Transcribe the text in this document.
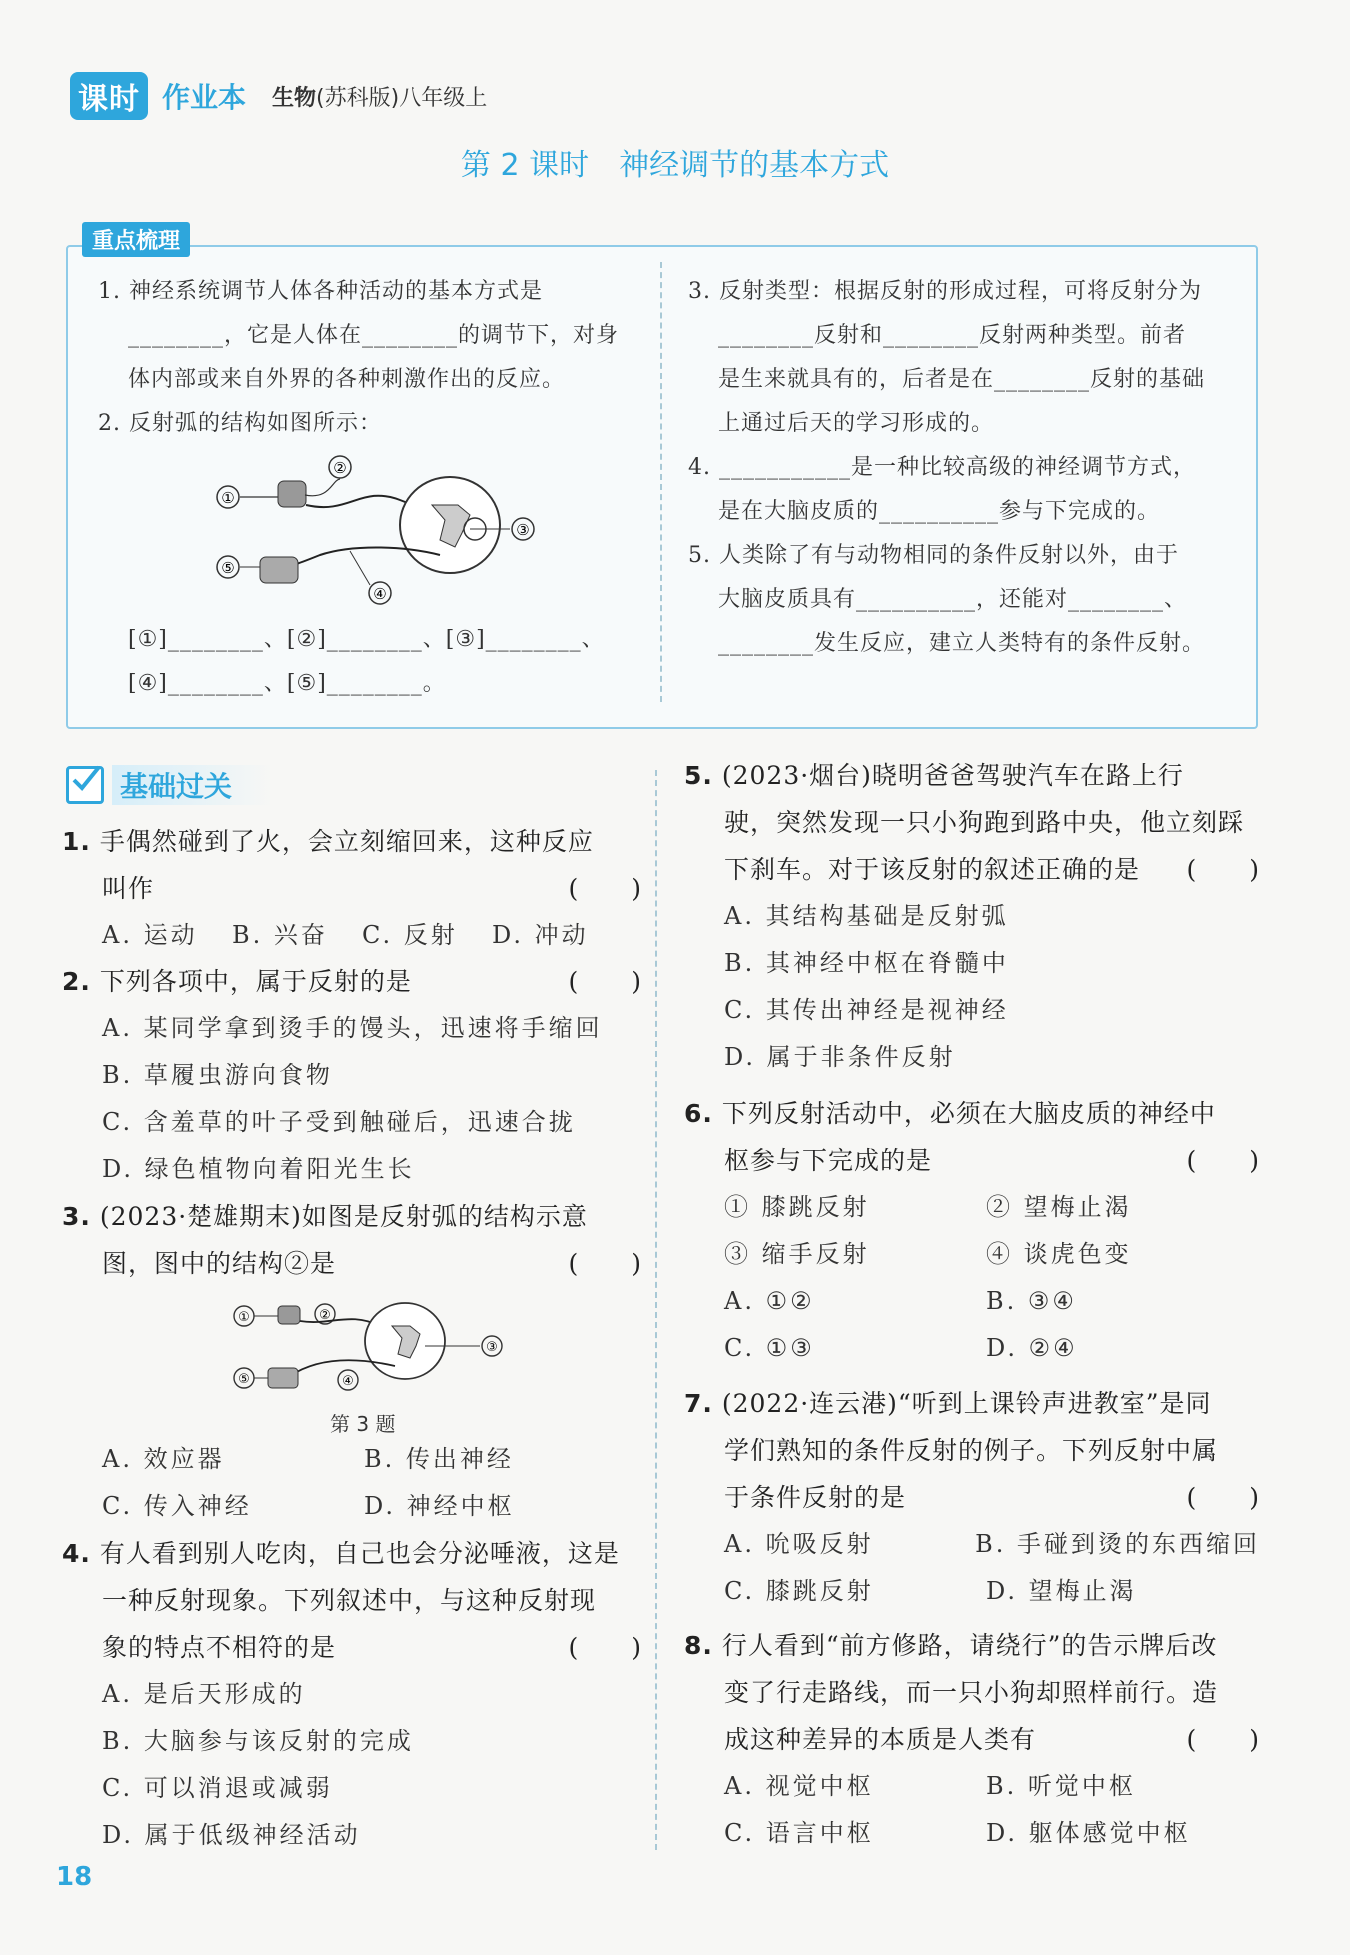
课时 作业本 生物(苏科版)八年级上
第 2 课时　神经调节的基本方式
重点梳理
1. 神经系统调节人体各种活动的基本方式是
________，它是人体在________的调节下，对身
体内部或来自外界的各种刺激作出的反应。
2. 反射弧的结构如图所示：
①
②
③
⑤
④
[①]________、[②]________、[③]________、
[④]________、[⑤]________。
3. 反射类型：根据反射的形成过程，可将反射分为
________反射和________反射两种类型。前者
是生来就具有的，后者是在________反射的基础
上通过后天的学习形成的。
4. ___________是一种比较高级的神经调节方式，
是在大脑皮质的__________参与下完成的。
5. 人类除了有与动物相同的条件反射以外，由于
大脑皮质具有__________，还能对________、
________发生反应，建立人类特有的条件反射。
基础过关
1. 手偶然碰到了火，会立刻缩回来，这种反应
叫作	(　　)
A. 运动	B. 兴奋	C. 反射	D. 冲动
2. 下列各项中，属于反射的是	(　　)
A. 某同学拿到烫手的馒头，迅速将手缩回
B. 草履虫游向食物
C. 含羞草的叶子受到触碰后，迅速合拢
D. 绿色植物向着阳光生长
3. (2023·楚雄期末)如图是反射弧的结构示意
图，图中的结构②是	(　　)
①	②
③
⑤	④
第 3 题
A. 效应器	B. 传出神经
C. 传入神经	D. 神经中枢
4. 有人看到别人吃肉，自己也会分泌唾液，这是
一种反射现象。下列叙述中，与这种反射现
象的特点不相符的是	(　　)
A. 是后天形成的
B. 大脑参与该反射的完成
C. 可以消退或减弱
D. 属于低级神经活动
5. (2023·烟台)晓明爸爸驾驶汽车在路上行
驶，突然发现一只小狗跑到路中央，他立刻踩
下刹车。对于该反射的叙述正确的是 (　　)
A. 其结构基础是反射弧
B. 其神经中枢在脊髓中
C. 其传出神经是视神经
D. 属于非条件反射
6. 下列反射活动中，必须在大脑皮质的神经中
枢参与下完成的是	(　　)
① 膝跳反射	② 望梅止渴
③ 缩手反射	④ 谈虎色变
A. ①②	B. ③④
C. ①③	D. ②④
7. (2022·连云港)“听到上课铃声进教室”是同
学们熟知的条件反射的例子。下列反射中属
于条件反射的是	(　　)
A. 吮吸反射	B. 手碰到烫的东西缩回
C. 膝跳反射	D. 望梅止渴
8. 行人看到“前方修路，请绕行”的告示牌后改
变了行走路线，而一只小狗却照样前行。造
成这种差异的本质是人类有	(　　)
A. 视觉中枢	B. 听觉中枢
C. 语言中枢	D. 躯体感觉中枢
18
